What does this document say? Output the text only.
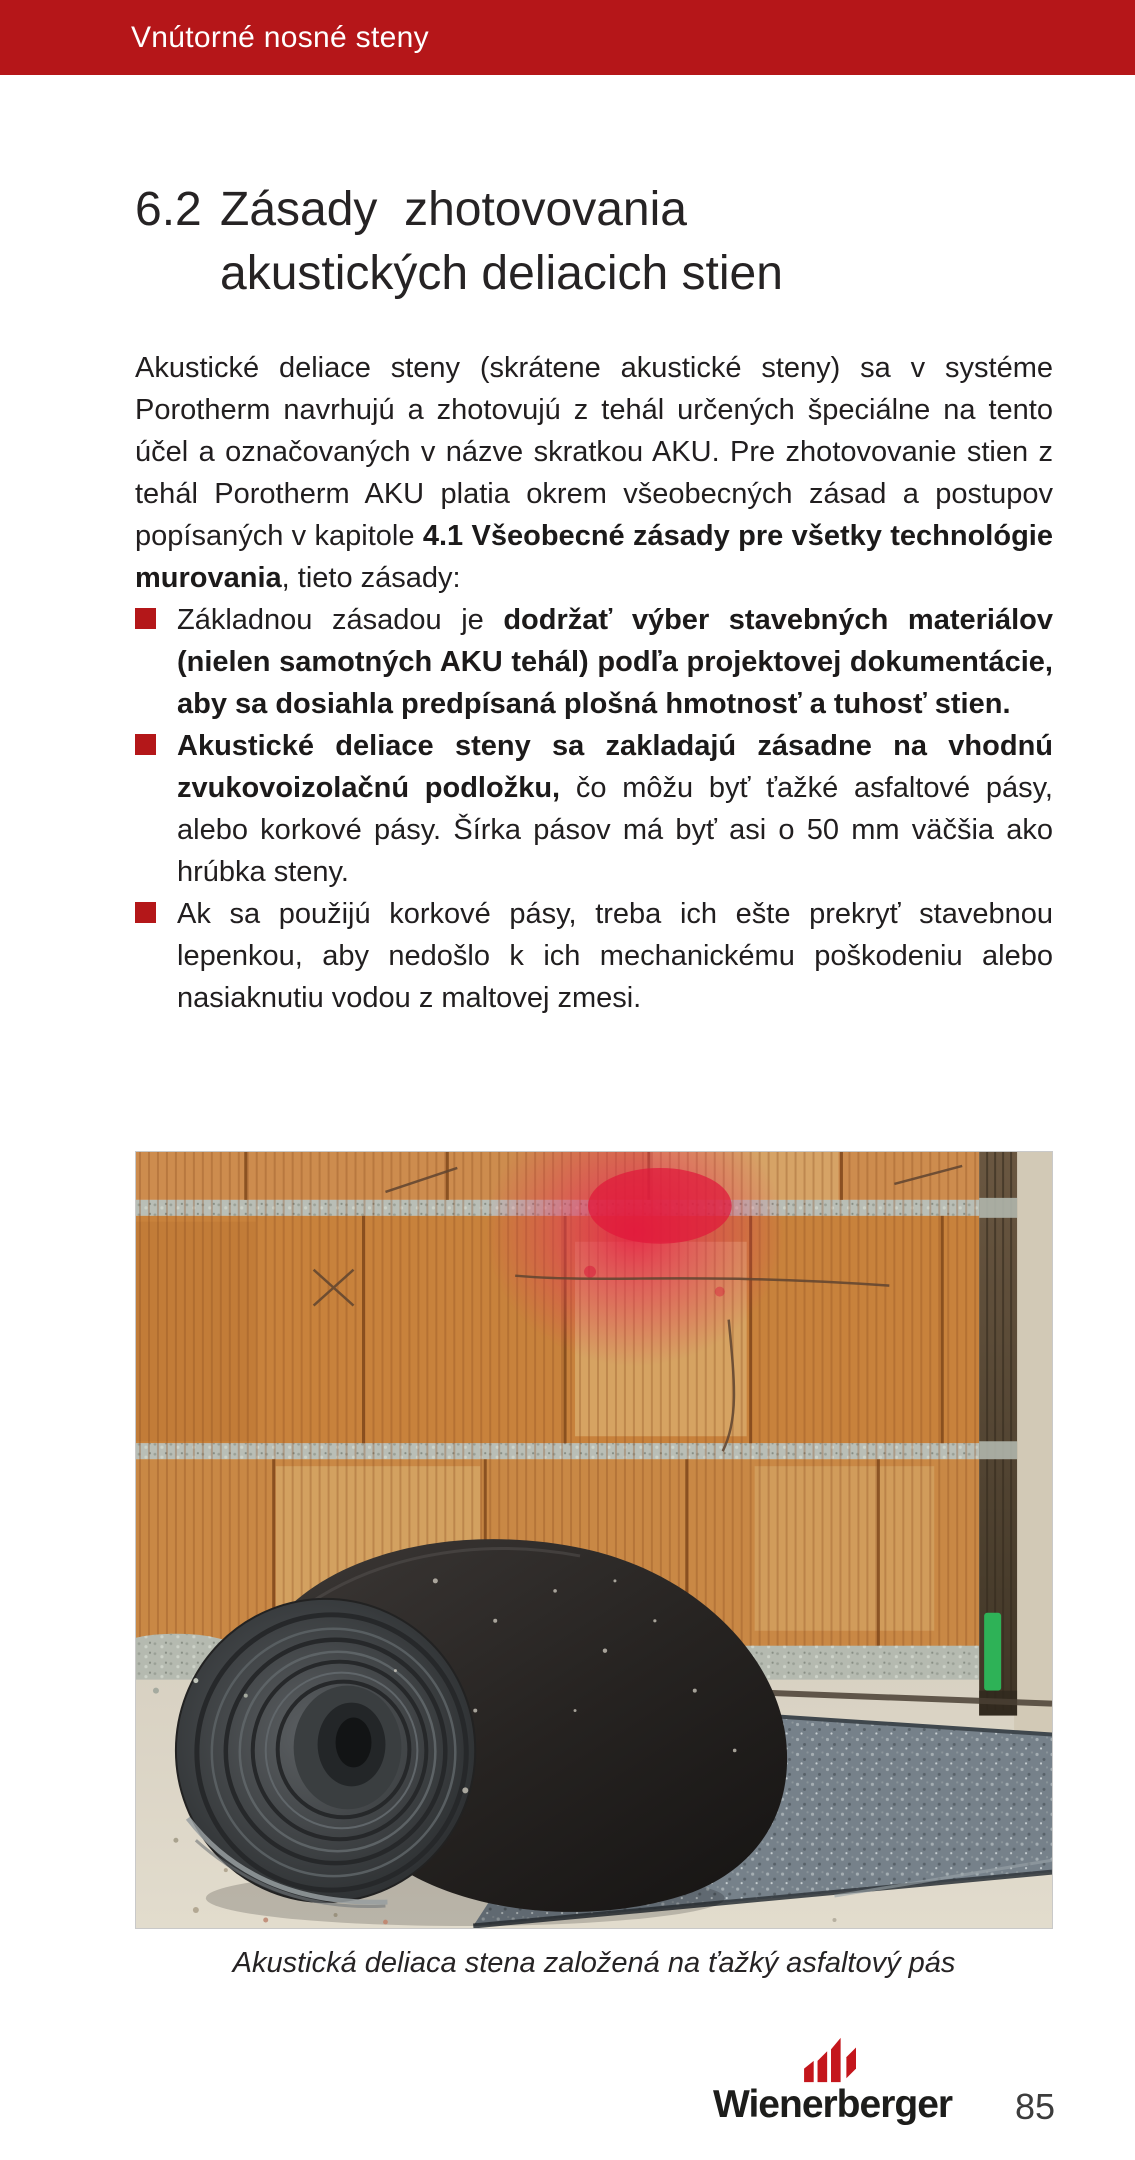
Vnútorné nosné steny
6.2 Zásady  zhotovovania
akustických deliacich stien

Akustické deliace steny (skrátene akustické steny) sa v systéme Porotherm navrhujú a zhotovujú z tehál určených špeciálne na tento účel a označovaných v názve skratkou AKU. Pre zhotovovanie stien z tehál Porotherm AKU platia okrem všeobecných zásad a postupov popísaných v kapitole 4.1 Všeobecné zásady pre všetky technológie murovania, tieto zásady:

Základnou zásadou je dodržať výber stavebných materiálov (nielen samotných AKU tehál) podľa projektovej dokumentácie, aby sa dosiahla predpísaná plošná hmotnosť a tuhosť stien.
Akustické deliace steny sa zakladajú zásadne na vhodnú zvukovoizolačnú podložku, čo môžu byť ťažké asfaltové pásy, alebo korkové pásy. Šírka pásov má byť asi o 50 mm väčšia ako hrúbka steny.
Ak sa použijú korkové pásy, treba ich ešte prekryť stavebnou lepenkou, aby nedošlo k ich mechanickému poškodeniu alebo nasiaknutiu vodou z maltovej zmesi.
Akustická deliaca stena založená na ťažký asfaltový pás
Wienerberger	85
